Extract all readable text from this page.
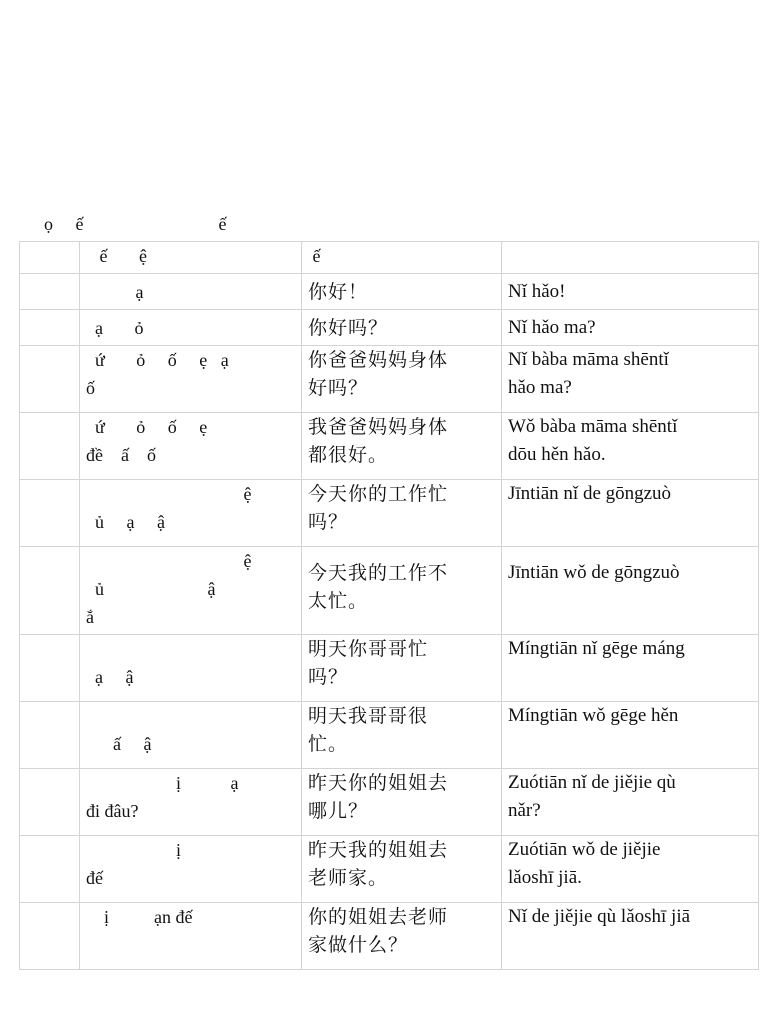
ọ     ế                              ế
	ế       ệ	ế	

	ạ	你好！	Nǐ hǎo!

	ạ       ỏ	你好吗？	Nǐ hǎo ma?

	ứ       ỏ     ố     ẹ   ạ
ố	你爸爸妈妈身体
好吗？	Nǐ bàba māma shēntǐ
hǎo ma?

	ứ       ỏ     ố     ẹ
đề    ấ    ố	我爸爸妈妈身体
都很好。	Wǒ bàba māma shēntǐ
dōu hěn hǎo.

	ệ
ủ     ạ     ậ	今天你的工作忙
吗？	Jīntiān nǐ de gōngzuò

	ệ
ủ                       ậ
ắ	今天我的工作不
太忙。	Jīntiān wǒ de gōngzuò

	ạ     ậ	明天你哥哥忙
吗？	Míngtiān nǐ gēge máng

	ấ     ậ	明天我哥哥很
忙。	Míngtiān wǒ gēge hěn

	ị           ạ
đi đâu?	昨天你的姐姐去
哪儿？	Zuótiān nǐ de jiějie qù
nǎr?

	ị
đế	昨天我的姐姐去
老师家。	Zuótiān wǒ de jiějie
lǎoshī jiā.

	ị          ạn đế	你的姐姐去老师
家做什么？	Nǐ de jiějie qù lǎoshī jiā
